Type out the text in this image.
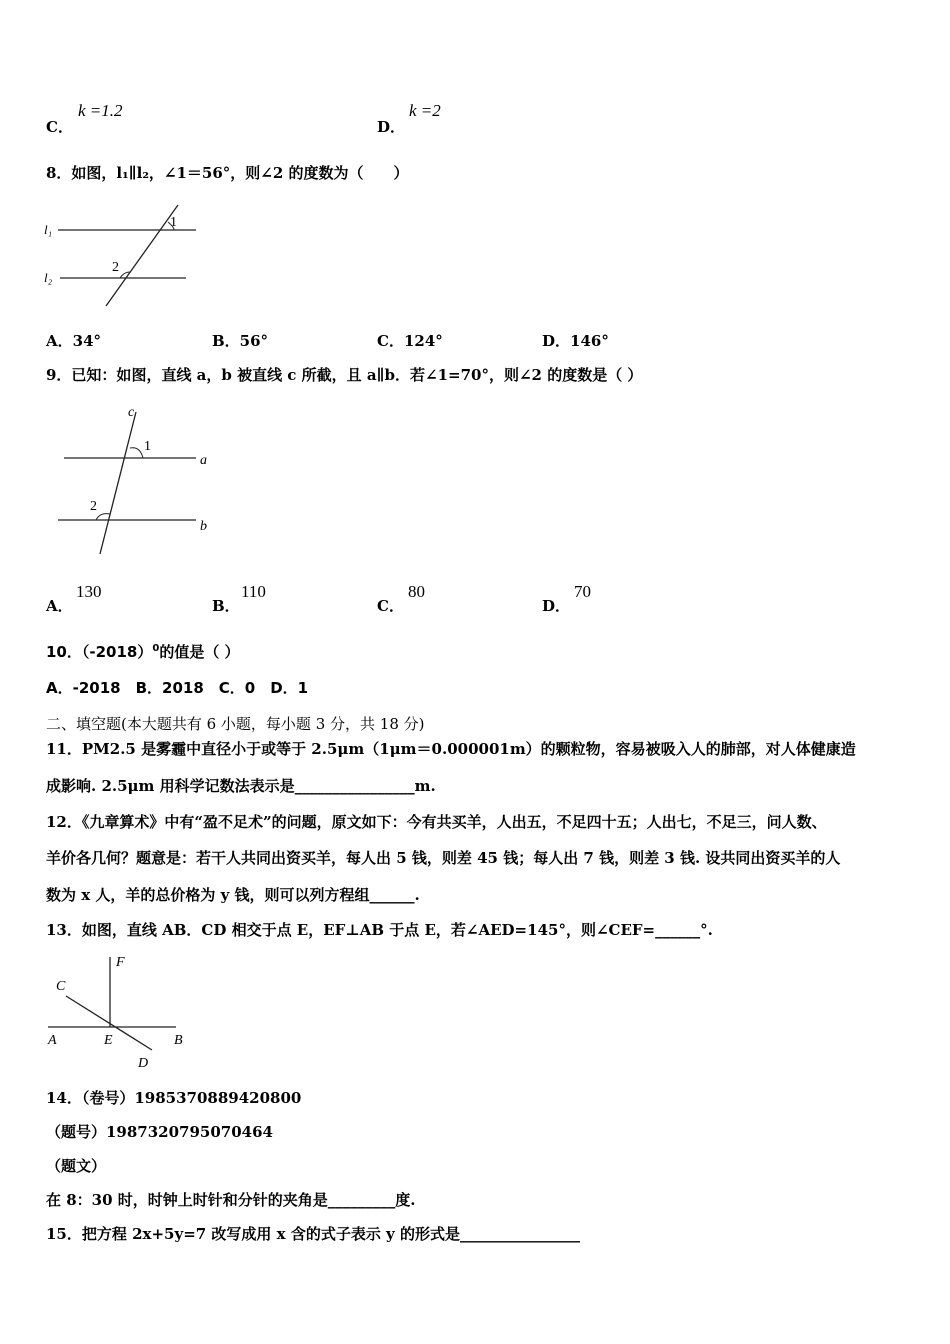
C．
k =1.2
D．
k =2
8．如图，l₁∥l₂，∠1＝56°，则∠2 的度数为（　　）
l₁
l₂
1
2
A．34°	B．56°	C．124°	D．146°
9．已知：如图，直线 a，b 被直线 c 所截，且 a∥b．若∠1=70°，则∠2 的度数是（ ）
c
a
b
1
2
A．
130
B．
110
C．
80
D．
70
10．$(-2018)^0$的值是（ ）
A．-2018　B．2018　C．0　D．1
二、填空题(本大题共有 6 小题，每小题 3 分，共 18 分)
11．PM2.5 是雾霾中直径小于或等于 2.5μm（1μm＝0.000001m）的颗粒物，容易被吸入人的肺部，对人体健康造
成影响. 2.5μm 用科学记数法表示是________________m.
12．《九章算术》中有“盈不足术”的问题，原文如下：今有共买羊，人出五，不足四十五；人出七，不足三，问人数、
羊价各几何？题意是：若干人共同出资买羊，每人出 5 钱，则差 45 钱；每人出 7 钱，则差 3 钱. 设共同出资买羊的人
数为 x 人，羊的总价格为 y 钱，则可以列方程组______.
13．如图，直线 AB．CD 相交于点 E，EF⊥AB 于点 E，若∠AED=145°，则∠CEF=______°.
F
C
A	E	B
D
14．（卷号）1985370889420800
（题号）1987320795070464
（题文）
在 8：30 时，时钟上时针和分针的夹角是_________度.
15．把方程 2x+5y=7 改写成用 x 含的式子表示 y 的形式是________________
